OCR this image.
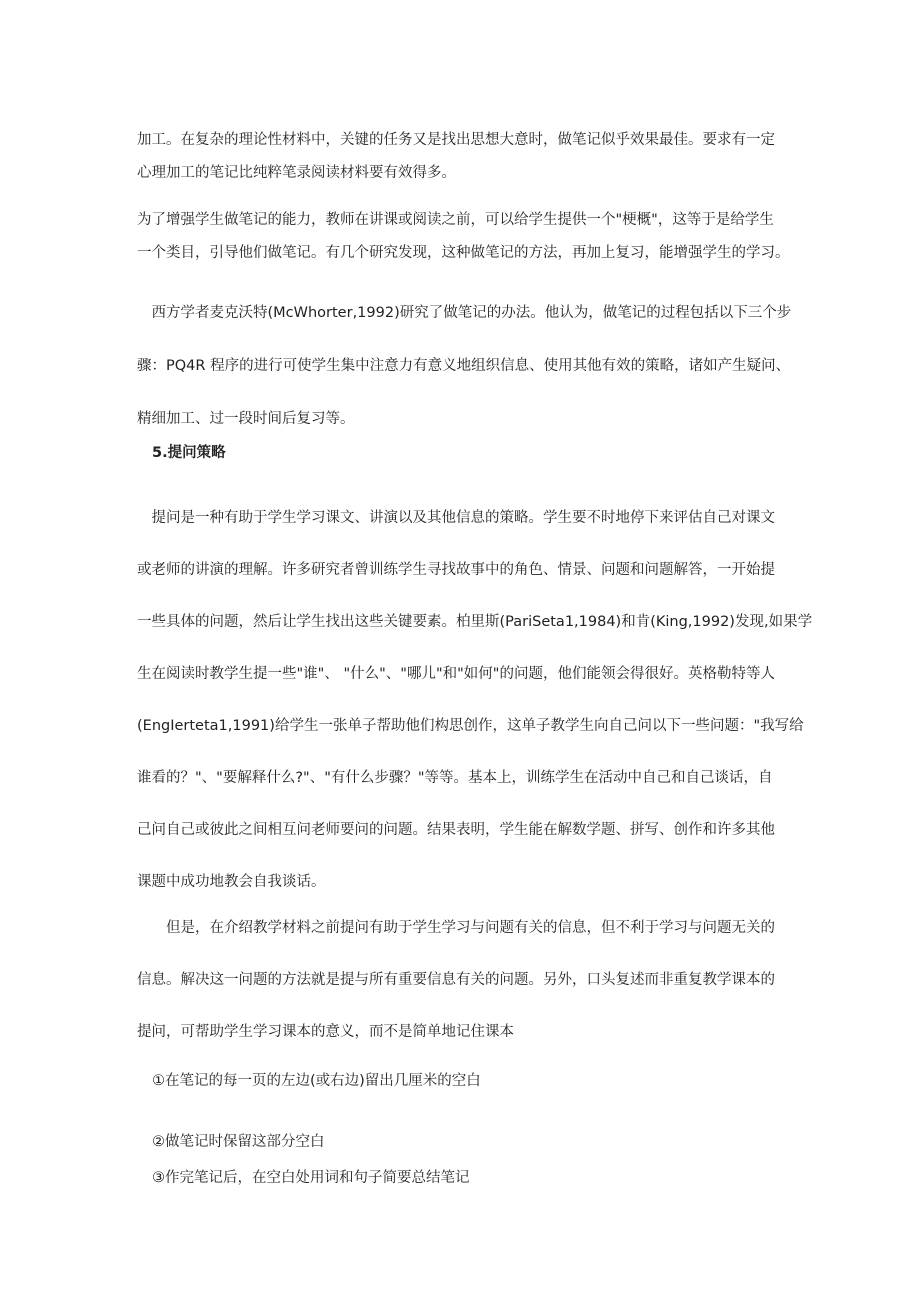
加工。在复杂的理论性材料中，关键的任务又是找出思想大意时，做笔记似乎效果最佳。要求有一定
心理加工的笔记比纯粹笔录阅读材料要有效得多。

为了增强学生做笔记的能力，教师在讲课或阅读之前，可以给学生提供一个"梗概"，这等于是给学生
一个类目，引导他们做笔记。有几个研究发现，这种做笔记的方法，再加上复习，能增强学生的学习。

　西方学者麦克沃特(McWhorter,1992)研究了做笔记的办法。他认为，做笔记的过程包括以下三个步
骤：PQ4R 程序的进行可使学生集中注意力有意义地组织信息、使用其他有效的策略，诸如产生疑问、
精细加工、过一段时间后复习等。

5.提问策略

　提问是一种有助于学生学习课文、讲演以及其他信息的策略。学生要不时地停下来评估自己对课文
或老师的讲演的理解。许多研究者曾训练学生寻找故事中的角色、情景、问题和问题解答，一开始提
一些具体的问题，然后让学生找出这些关键要素。柏里斯(PariSeta1,1984)和肯(King,1992)发现,如果学
生在阅读时教学生提一些"谁"、 "什么"、"哪儿"和"如何"的问题，他们能领会得很好。英格勒特等人
(EngIerteta1,1991)给学生一张单子帮助他们构思创作，这单子教学生向自己问以下一些问题："我写给
谁看的？"、"要解释什么?"、"有什么步骤？"等等。基本上，训练学生在活动中自己和自己谈话，自
己问自己或彼此之间相互问老师要问的问题。结果表明，学生能在解数学题、拼写、创作和许多其他
课题中成功地教会自我谈话。

　　但是，在介绍教学材料之前提问有助于学生学习与问题有关的信息，但不利于学习与问题无关的
信息。解决这一问题的方法就是提与所有重要信息有关的问题。另外，口头复述而非重复教学课本的
提问，可帮助学生学习课本的意义，而不是简单地记住课本

①在笔记的每一页的左边(或右边)留出几厘米的空白

②做笔记时保留这部分空白

③作完笔记后，在空白处用词和句子简要总结笔记
